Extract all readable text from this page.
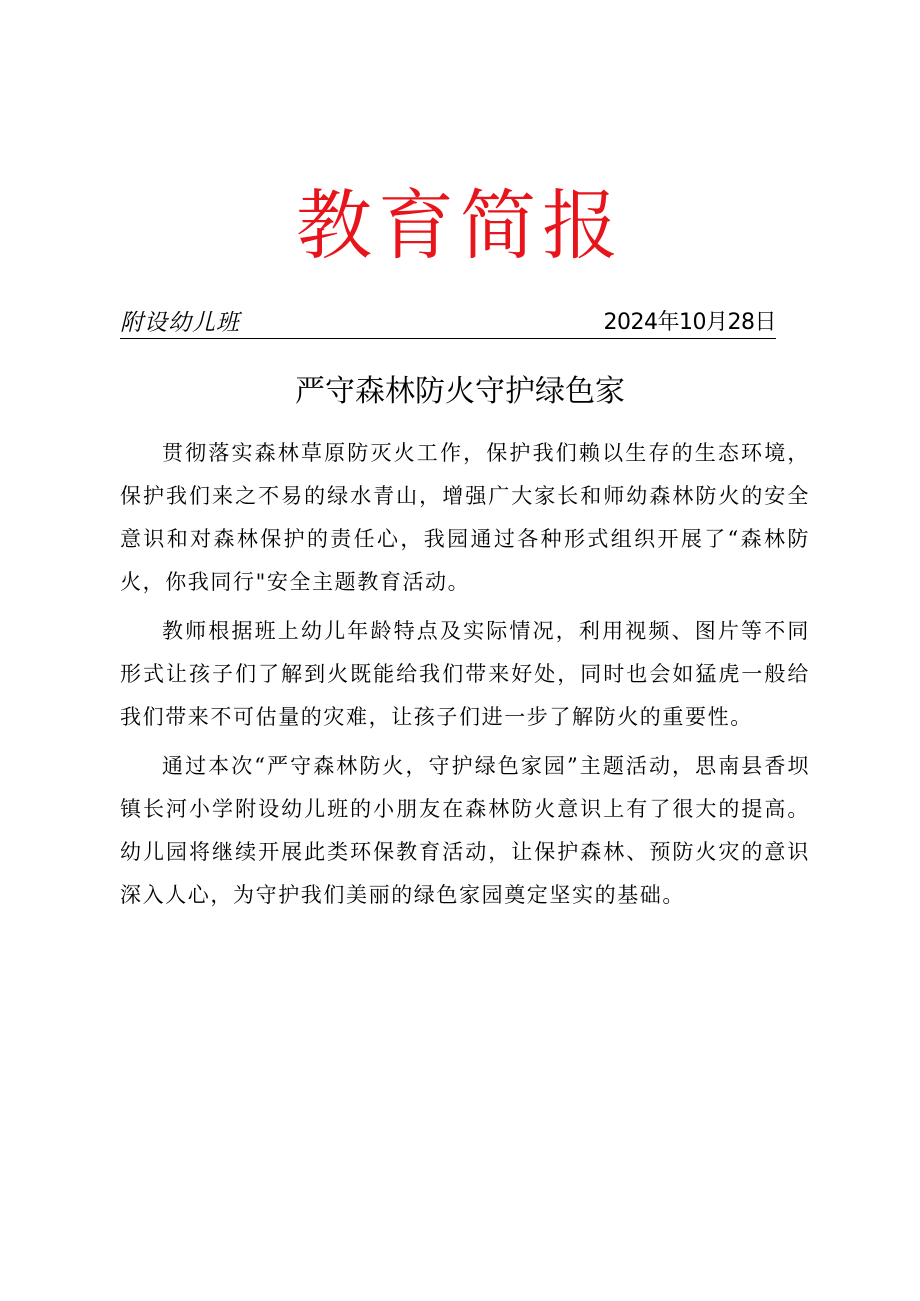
教育简报
附设幼儿班	2024年10月28日
严守森林防火守护绿色家

贯彻落实森林草原防灭火工作，保护我们赖以生存的生态环境，保护我们来之不易的绿水青山，增强广大家长和师幼森林防火的安全意识和对森林保护的责任心，我园通过各种形式组织开展了“森林防火，你我同行"安全主题教育活动。

教师根据班上幼儿年龄特点及实际情况，利用视频、图片等不同形式让孩子们了解到火既能给我们带来好处，同时也会如猛虎一般给我们带来不可估量的灾难，让孩子们进一步了解防火的重要性。

通过本次“严守森林防火，守护绿色家园”主题活动，思南县香坝镇长河小学附设幼儿班的小朋友在森林防火意识上有了很大的提高。幼儿园将继续开展此类环保教育活动，让保护森林、预防火灾的意识深入人心，为守护我们美丽的绿色家园奠定坚实的基础。
